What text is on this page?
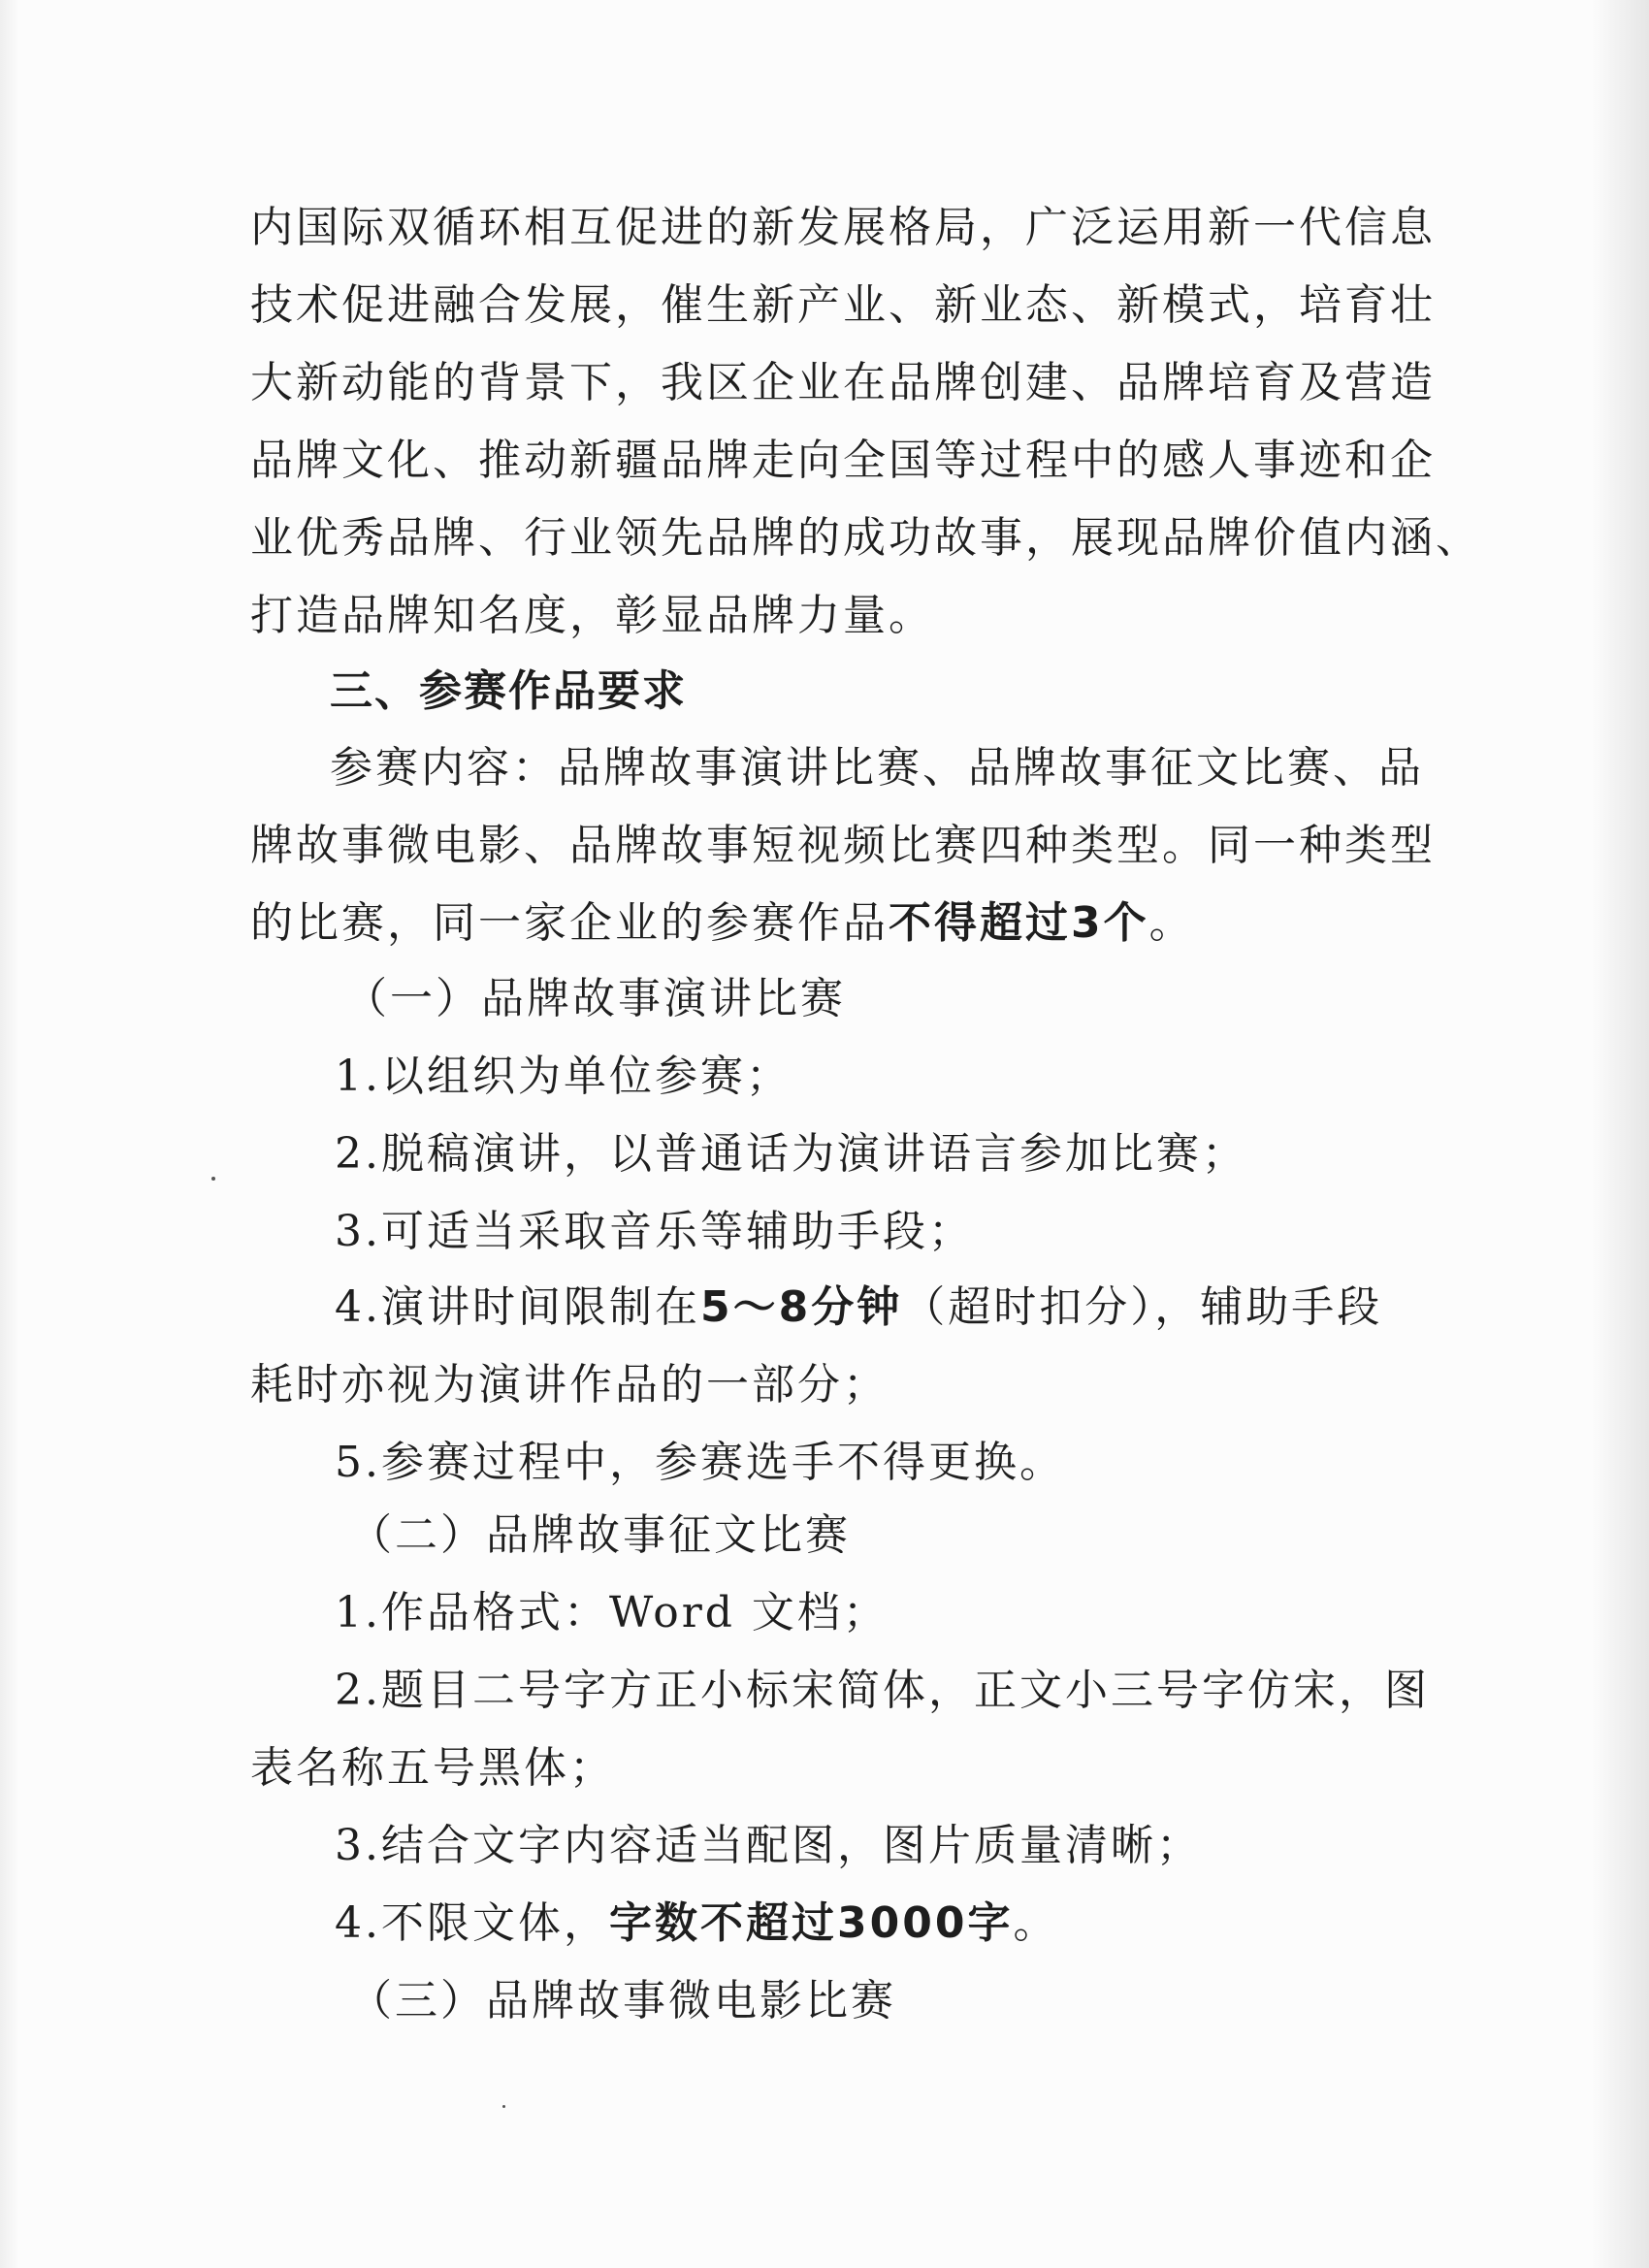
内国际双循环相互促进的新发展格局，广泛运用新一代信息
技术促进融合发展，催生新产业、新业态、新模式，培育壮
大新动能的背景下，我区企业在品牌创建、品牌培育及营造
品牌文化、推动新疆品牌走向全国等过程中的感人事迹和企
业优秀品牌、行业领先品牌的成功故事，展现品牌价值内涵、
打造品牌知名度，彰显品牌力量。
三、参赛作品要求
参赛内容：品牌故事演讲比赛、品牌故事征文比赛、品
牌故事微电影、品牌故事短视频比赛四种类型。同一种类型
的比赛，同一家企业的参赛作品不得超过3个。
（一）品牌故事演讲比赛
1.以组织为单位参赛；
2.脱稿演讲，以普通话为演讲语言参加比赛；
3.可适当采取音乐等辅助手段；
4.演讲时间限制在5～8分钟（超时扣分），辅助手段
耗时亦视为演讲作品的一部分；
5.参赛过程中，参赛选手不得更换。
（二）品牌故事征文比赛
1.作品格式：Word 文档；
2.题目二号字方正小标宋简体，正文小三号字仿宋，图
表名称五号黑体；
3.结合文字内容适当配图，图片质量清晰；
4.不限文体，字数不超过3000字。
（三）品牌故事微电影比赛
